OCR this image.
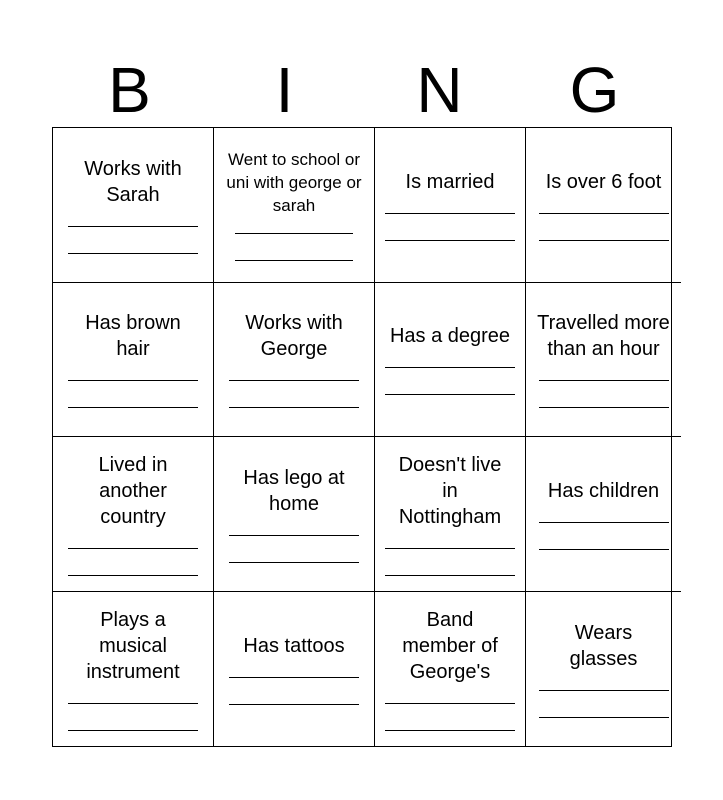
B	I	N	G
Works with Sarah
Went to school or uni with george or sarah
Is married	Is over 6 foot
Has brown hair
Works with George
Has a degree
Travelled more than an hour
Lived in another country
Has lego at home
Doesn't live in Nottingham
Has children
Plays a musical instrument
Has tattoos
Band member of George's
Wears glasses
